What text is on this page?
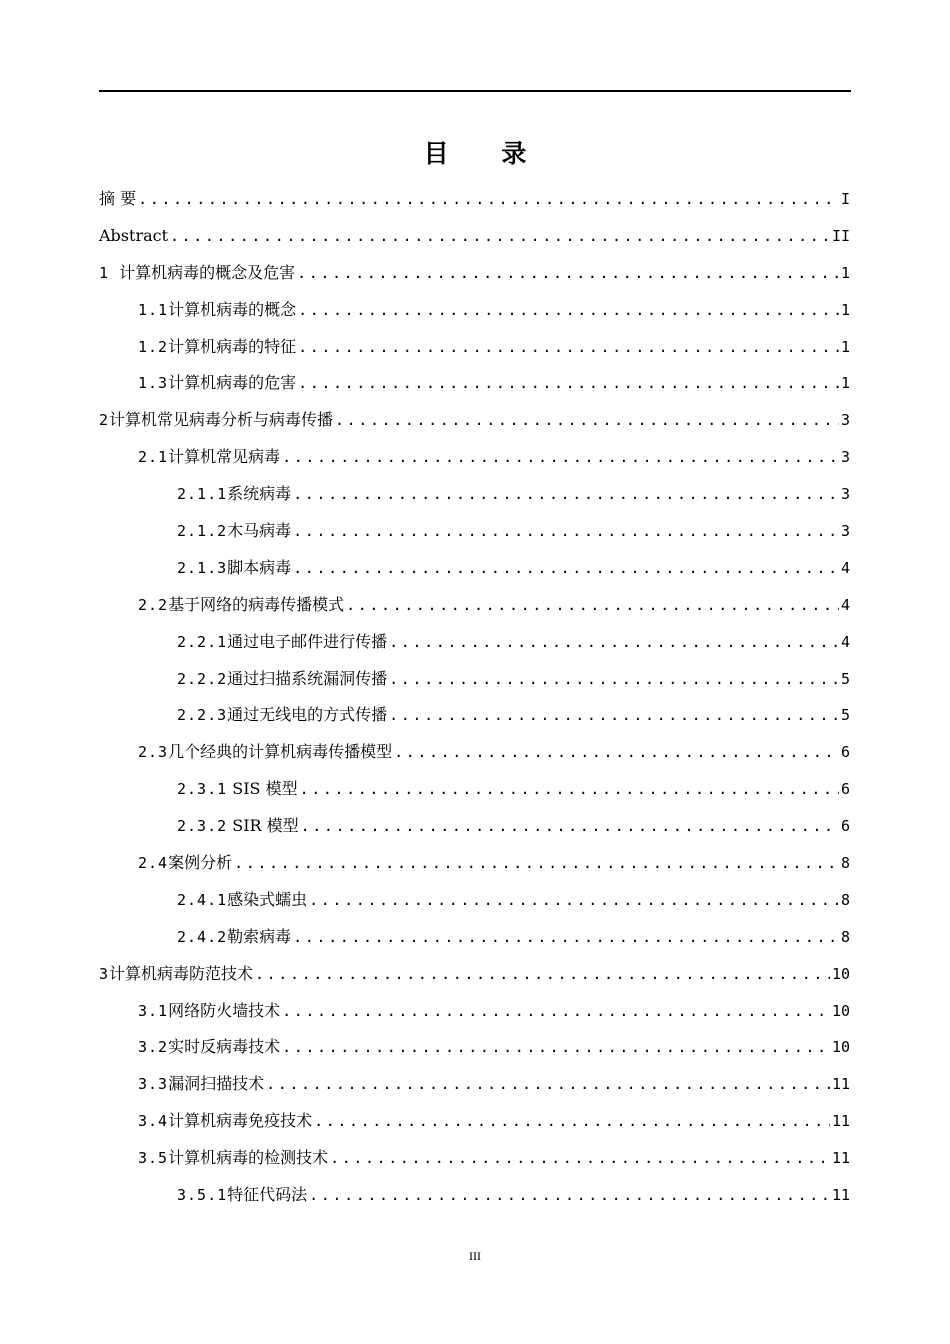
目 录
摘 要 .....	I
Abstract .....	II
1 计算机病毒的概念及危害 .....	1
1.1计算机病毒的概念 .....	1
1.2计算机病毒的特征 .....	1
1.3计算机病毒的危害 .....	1
2计算机常见病毒分析与病毒传播 .....	3
2.1计算机常见病毒 .....	3
2.1.1系统病毒 .....	3
2.1.2木马病毒 .....	3
2.1.3脚本病毒 .....	4
2.2基于网络的病毒传播模式 .....	4
2.2.1通过电子邮件进行传播 .....	4
2.2.2通过扫描系统漏洞传播 .....	5
2.2.3通过无线电的方式传播 .....	5
2.3几个经典的计算机病毒传播模型 .....	6
2.3.1 SIS 模型 .....	6
2.3.2 SIR 模型 .....	6
2.4案例分析 .....	8
2.4.1感染式蠕虫 .....	8
2.4.2勒索病毒 .....	8
3计算机病毒防范技术 .....	10
3.1网络防火墙技术 .....	10
3.2实时反病毒技术 .....	10
3.3漏洞扫描技术 .....	11
3.4计算机病毒免疫技术 .....	11
3.5计算机病毒的检测技术 .....	11
3.5.1特征代码法 .....	11
III
